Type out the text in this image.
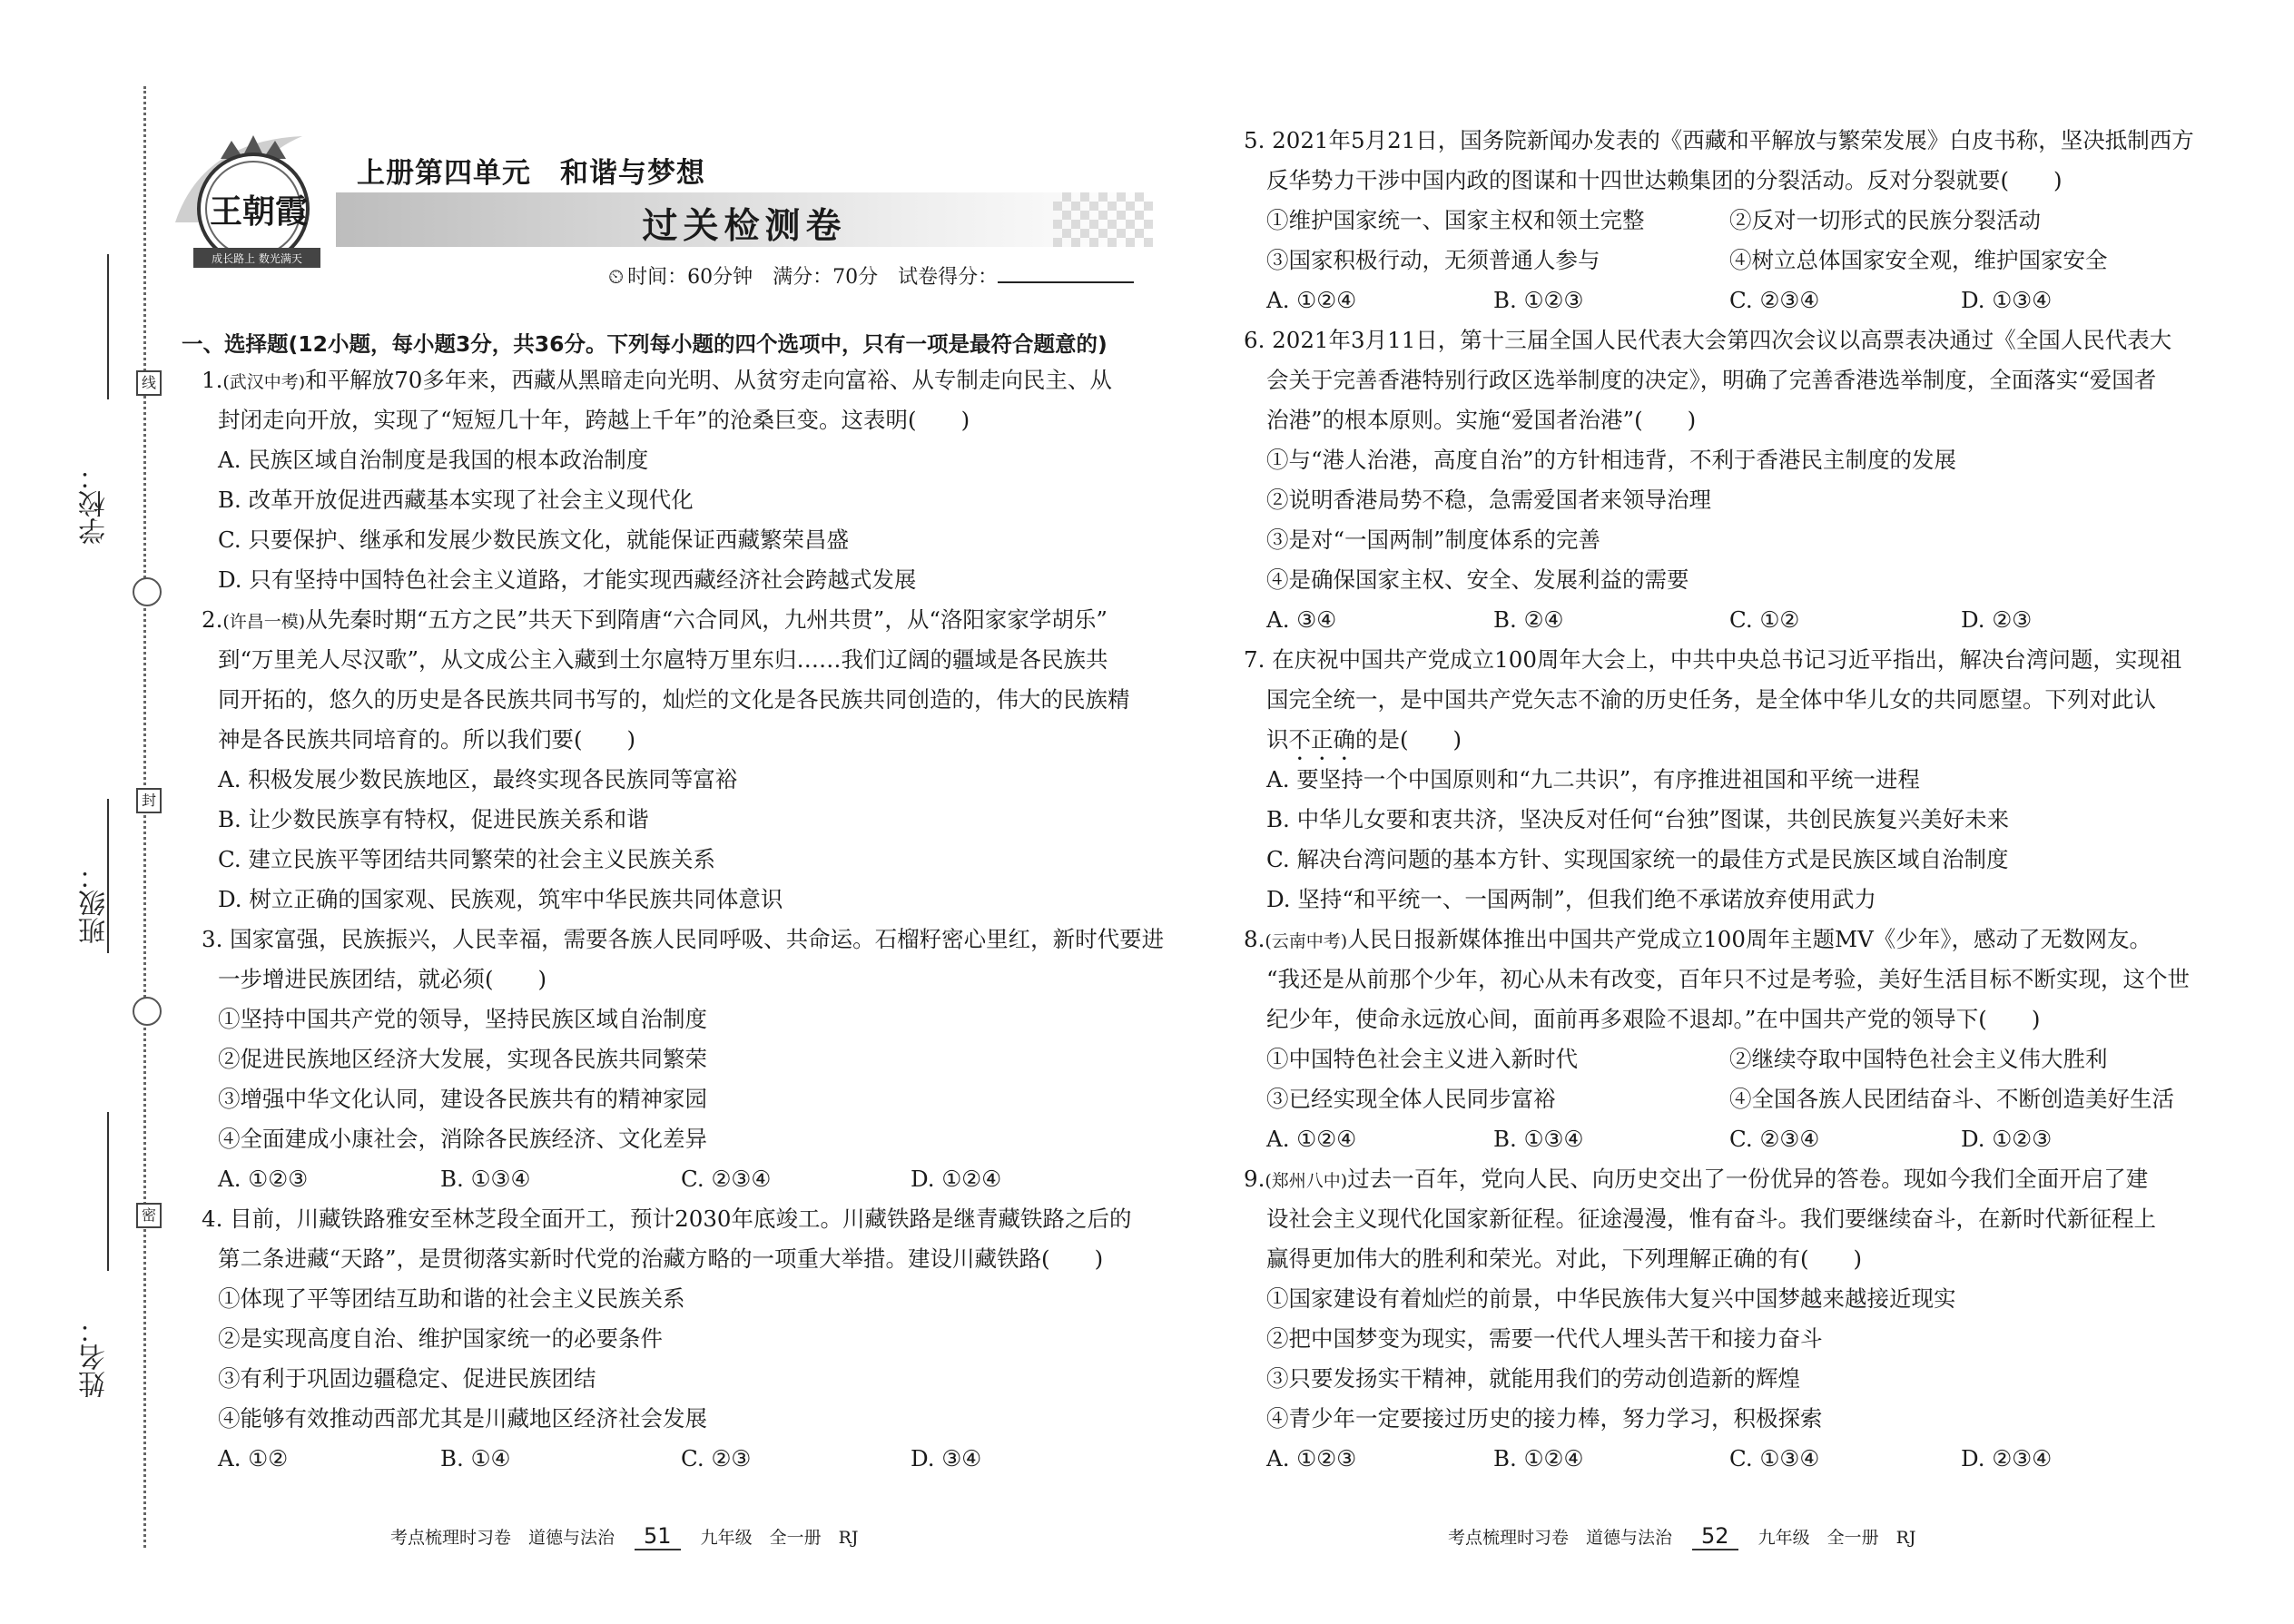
学校：
班级：
姓名：
线
封
密
成长路上 数光满天
王朝霞
上册第四单元　和谐与梦想
过关检测卷
⏲ 时间：60分钟 满分：70分 试卷得分：
一、选择题(12小题，每小题3分，共36分。下列每小题的四个选项中，只有一项是最符合题意的)
1.(武汉中考)和平解放70多年来，西藏从黑暗走向光明、从贫穷走向富裕、从专制走向民主、从
封闭走向开放，实现了“短短几十年，跨越上千年”的沧桑巨变。这表明(　　)
A. 民族区域自治制度是我国的根本政治制度
B. 改革开放促进西藏基本实现了社会主义现代化
C. 只要保护、继承和发展少数民族文化，就能保证西藏繁荣昌盛
D. 只有坚持中国特色社会主义道路，才能实现西藏经济社会跨越式发展
2.(许昌一模)从先秦时期“五方之民”共天下到隋唐“六合同风，九州共贯”，从“洛阳家家学胡乐”
到“万里羌人尽汉歌”，从文成公主入藏到土尔扈特万里东归……我们辽阔的疆域是各民族共
同开拓的，悠久的历史是各民族共同书写的，灿烂的文化是各民族共同创造的，伟大的民族精
神是各民族共同培育的。所以我们要(　　)
A. 积极发展少数民族地区，最终实现各民族同等富裕
B. 让少数民族享有特权，促进民族关系和谐
C. 建立民族平等团结共同繁荣的社会主义民族关系
D. 树立正确的国家观、民族观，筑牢中华民族共同体意识
3. 国家富强，民族振兴，人民幸福，需要各族人民同呼吸、共命运。石榴籽密心里红，新时代要进
一步增进民族团结，就必须(　　)
①坚持中国共产党的领导，坚持民族区域自治制度
②促进民族地区经济大发展，实现各民族共同繁荣
③增强中华文化认同，建设各民族共有的精神家园
④全面建成小康社会，消除各民族经济、文化差异
A. ①②③	B. ①③④	C. ②③④	D. ①②④
4. 目前，川藏铁路雅安至林芝段全面开工，预计2030年底竣工。川藏铁路是继青藏铁路之后的
第二条进藏“天路”，是贯彻落实新时代党的治藏方略的一项重大举措。建设川藏铁路(　　)
①体现了平等团结互助和谐的社会主义民族关系
②是实现高度自治、维护国家统一的必要条件
③有利于巩固边疆稳定、促进民族团结
④能够有效推动西部尤其是川藏地区经济社会发展
A. ①②	B. ①④	C. ②③	D. ③④
5. 2021年5月21日，国务院新闻办发表的《西藏和平解放与繁荣发展》白皮书称，坚决抵制西方
反华势力干涉中国内政的图谋和十四世达赖集团的分裂活动。反对分裂就要(　　)
①维护国家统一、国家主权和领土完整	②反对一切形式的民族分裂活动
③国家积极行动，无须普通人参与	④树立总体国家安全观，维护国家安全
A. ①②④	B. ①②③	C. ②③④	D. ①③④
6. 2021年3月11日，第十三届全国人民代表大会第四次会议以高票表决通过《全国人民代表大
会关于完善香港特别行政区选举制度的决定》，明确了完善香港选举制度，全面落实“爱国者
治港”的根本原则。实施“爱国者治港”(　　)
①与“港人治港，高度自治”的方针相违背，不利于香港民主制度的发展
②说明香港局势不稳，急需爱国者来领导治理
③是对“一国两制”制度体系的完善
④是确保国家主权、安全、发展利益的需要
A. ③④	B. ②④	C. ①②	D. ②③
7. 在庆祝中国共产党成立100周年大会上，中共中央总书记习近平指出，解决台湾问题，实现祖
国完全统一，是中国共产党矢志不渝的历史任务，是全体中华儿女的共同愿望。下列对此认
识不正确的是(　　)
A. 要坚持一个中国原则和“九二共识”，有序推进祖国和平统一进程
B. 中华儿女要和衷共济，坚决反对任何“台独”图谋，共创民族复兴美好未来
C. 解决台湾问题的基本方针、实现国家统一的最佳方式是民族区域自治制度
D. 坚持“和平统一、一国两制”，但我们绝不承诺放弃使用武力
8.(云南中考)人民日报新媒体推出中国共产党成立100周年主题MV《少年》，感动了无数网友。
“我还是从前那个少年，初心从未有改变，百年只不过是考验，美好生活目标不断实现，这个世
纪少年，使命永远放心间，面前再多艰险不退却。”在中国共产党的领导下(　　)
①中国特色社会主义进入新时代	②继续夺取中国特色社会主义伟大胜利
③已经实现全体人民同步富裕	④全国各族人民团结奋斗、不断创造美好生活
A. ①②④	B. ①③④	C. ②③④	D. ①②③
9.(郑州八中)过去一百年，党向人民、向历史交出了一份优异的答卷。现如今我们全面开启了建
设社会主义现代化国家新征程。征途漫漫，惟有奋斗。我们要继续奋斗，在新时代新征程上
赢得更加伟大的胜利和荣光。对此，下列理解正确的有(　　)
①国家建设有着灿烂的前景，中华民族伟大复兴中国梦越来越接近现实
②把中国梦变为现实，需要一代代人埋头苦干和接力奋斗
③只要发扬实干精神，就能用我们的劳动创造新的辉煌
④青少年一定要接过历史的接力棒，努力学习，积极探索
A. ①②③	B. ①②④	C. ①③④	D. ②③④
考点梳理时习卷　道德与法治 51 九年级　全一册　RJ	考点梳理时习卷　道德与法治 52 九年级　全一册　RJ
